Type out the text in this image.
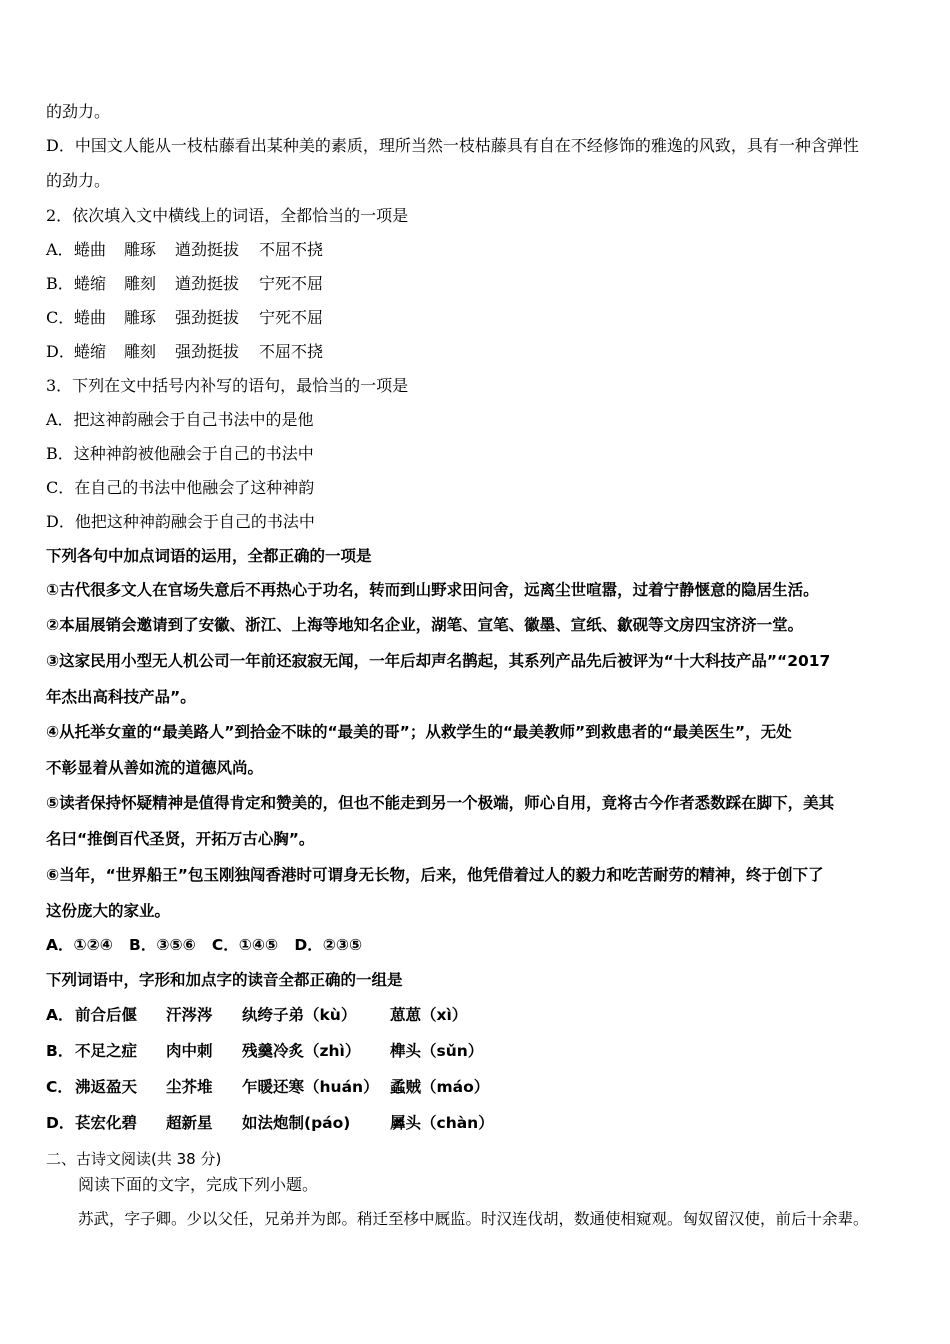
的劲力。
D．中国文人能从一枝枯藤看出某种美的素质，理所当然一枝枯藤具有自在不经修饰的雅逸的风致，具有一种含弹性
的劲力。
2．依次填入文中横线上的词语，全都恰当的一项是
A． 蜷曲 雕琢 遒劲挺拔 不屈不挠
B． 蜷缩 雕刻 遒劲挺拔 宁死不屈
C． 蜷曲 雕琢 强劲挺拔 宁死不屈
D． 蜷缩 雕刻 强劲挺拔 不屈不挠
3．下列在文中括号内补写的语句，最恰当的一项是
A．把这神韵融会于自己书法中的是他
B．这种神韵被他融会于自己的书法中
C．在自己的书法中他融会了这种神韵
D．他把这种神韵融会于自己的书法中
下列各句中加点词语的运用，全都正确的一项是
①古代很多文人在官场失意后不再热心于功名，转而到山野求田问舍，远离尘世喧嚣，过着宁静惬意的隐居生活。
②本届展销会邀请到了安徽、浙江、上海等地知名企业，湖笔、宣笔、徽墨、宣纸、歙砚等文房四宝济济一堂。
③这家民用小型无人机公司一年前还寂寂无闻，一年后却声名鹊起，其系列产品先后被评为“十大科技产品”“2017
年杰出高科技产品”。
④从托举女童的“最美路人”到拾金不昧的“最美的哥”；从救学生的“最美教师”到救患者的“最美医生”，无处
不彰显着从善如流的道德风尚。
⑤读者保持怀疑精神是值得肯定和赞美的，但也不能走到另一个极端，师心自用，竟将古今作者悉数踩在脚下，美其
名曰“推倒百代圣贤，开拓万古心胸”。
⑥当年，“世界船王”包玉刚独闯香港时可谓身无长物，后来，他凭借着过人的毅力和吃苦耐劳的精神，终于创下了
这份庞大的家业。
A．①②④   B．③⑤⑥   C．①④⑤   D．②③⑤
下列词语中，字形和加点字的读音全都正确的一组是
A． 前合后偃 汗涔涔 纨绔子弟（kù） 葸葸（xì）
B． 不足之症 肉中刺 残羹冷炙（zhì） 榫头（sǔn）
C． 沸返盈天 尘芥堆 乍暖还寒（huán） 蟊贼（máo）
D． 苌宏化碧 超新星 如法炮制(páo)	羼头（chàn）
二、古诗文阅读(共 38 分)
阅读下面的文字，完成下列小题。
苏武，字子卿。少以父任，兄弟并为郎。稍迁至栘中厩监。时汉连伐胡，数通使相窥观。匈奴留汉使，前后十余辈。
